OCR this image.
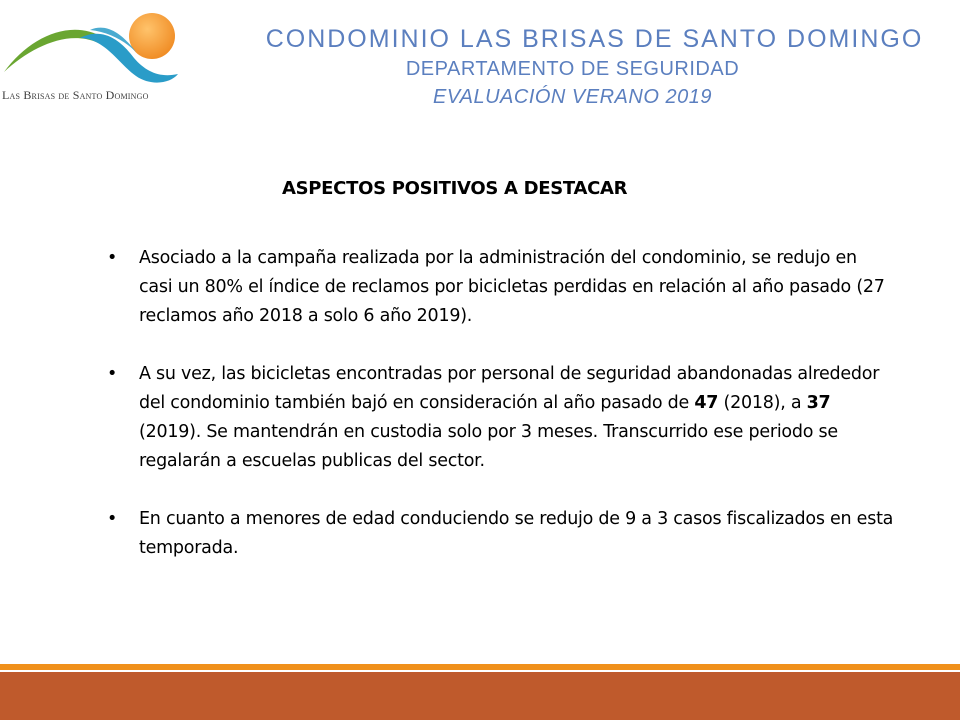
Las Brisas de Santo Domingo
CONDOMINIO LAS BRISAS DE SANTO DOMINGO
DEPARTAMENTO DE SEGURIDAD
EVALUACIÓN VERANO 2019
ASPECTOS POSITIVOS A DESTACAR
• Asociado a la campaña realizada por la administración del condominio, se redujo en casi un 80% el índice de reclamos por bicicletas perdidas en relación al año pasado (27 reclamos año 2018 a solo 6 año 2019).
• A su vez, las bicicletas encontradas por personal de seguridad abandonadas alrededor del condominio también bajó en consideración al año pasado de 47 (2018), a 37 (2019). Se mantendrán en custodia solo por 3 meses. Transcurrido ese periodo se regalarán a escuelas publicas del sector.
• En cuanto a menores de edad conduciendo se redujo de 9 a 3 casos fiscalizados en esta temporada.
